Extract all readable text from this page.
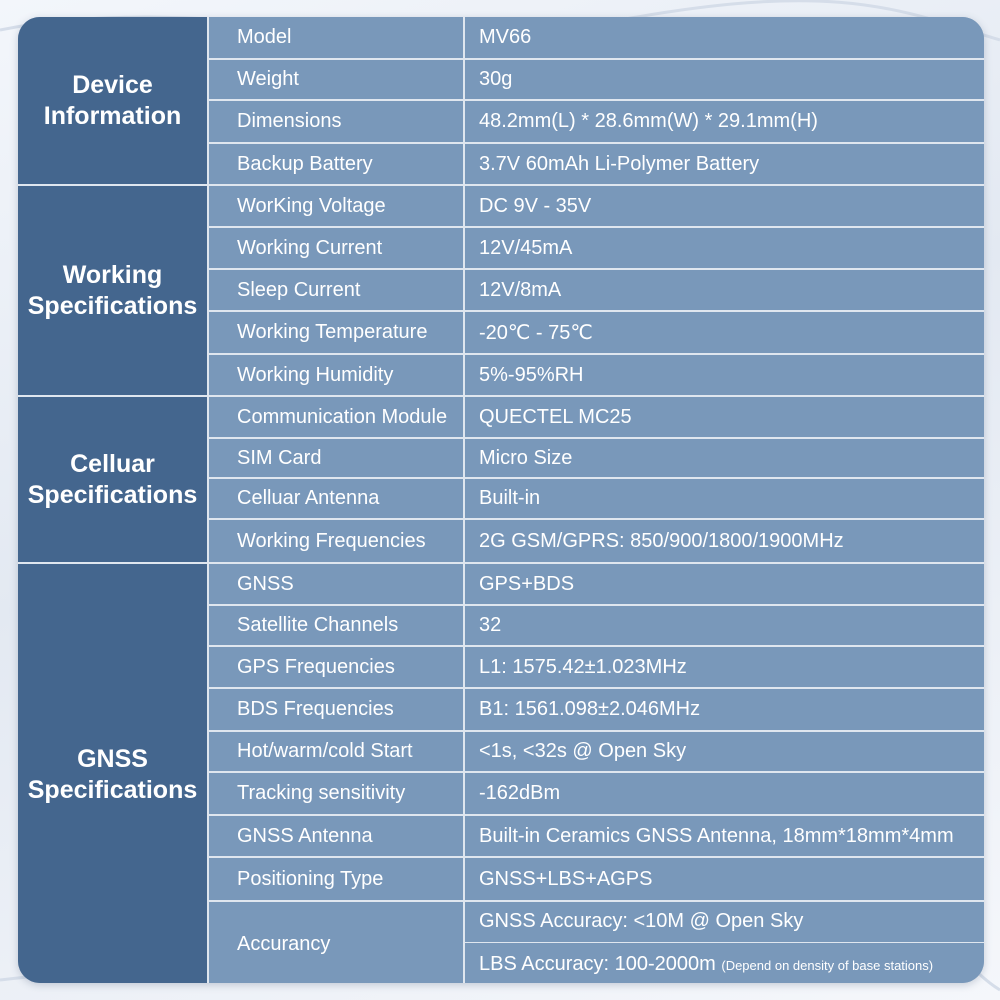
Device
Information	Model	MV66
	Weight	30g
	Dimensions	48.2mm(L) * 28.6mm(W) * 29.1mm(H)
	Backup Battery	3.7V 60mAh Li-Polymer Battery
Working
Specifications	WorKing Voltage	DC 9V - 35V
	Working Current	12V/45mA
	Sleep Current	12V/8mA
	Working Temperature	-20℃ - 75℃
	Working Humidity	5%-95%RH
Celluar
Specifications	Communication Module	QUECTEL MC25
	SIM Card	Micro Size
	Celluar Antenna	Built-in
	Working Frequencies	2G GSM/GPRS: 850/900/1800/1900MHz
GNSS
Specifications	GNSS	GPS+BDS
	Satellite Channels	32
	GPS Frequencies	L1: 1575.42±1.023MHz
	BDS Frequencies	B1: 1561.098±2.046MHz
	Hot/warm/cold Start	<1s, <32s @ Open Sky
	Tracking sensitivity	-162dBm
	GNSS Antenna	Built-in Ceramics GNSS Antenna, 18mm*18mm*4mm
	Positioning Type	GNSS+LBS+AGPS
	Accurancy	GNSS Accuracy: <10M @ Open Sky
		LBS Accuracy: 100-2000m (Depend on density of base stations)
